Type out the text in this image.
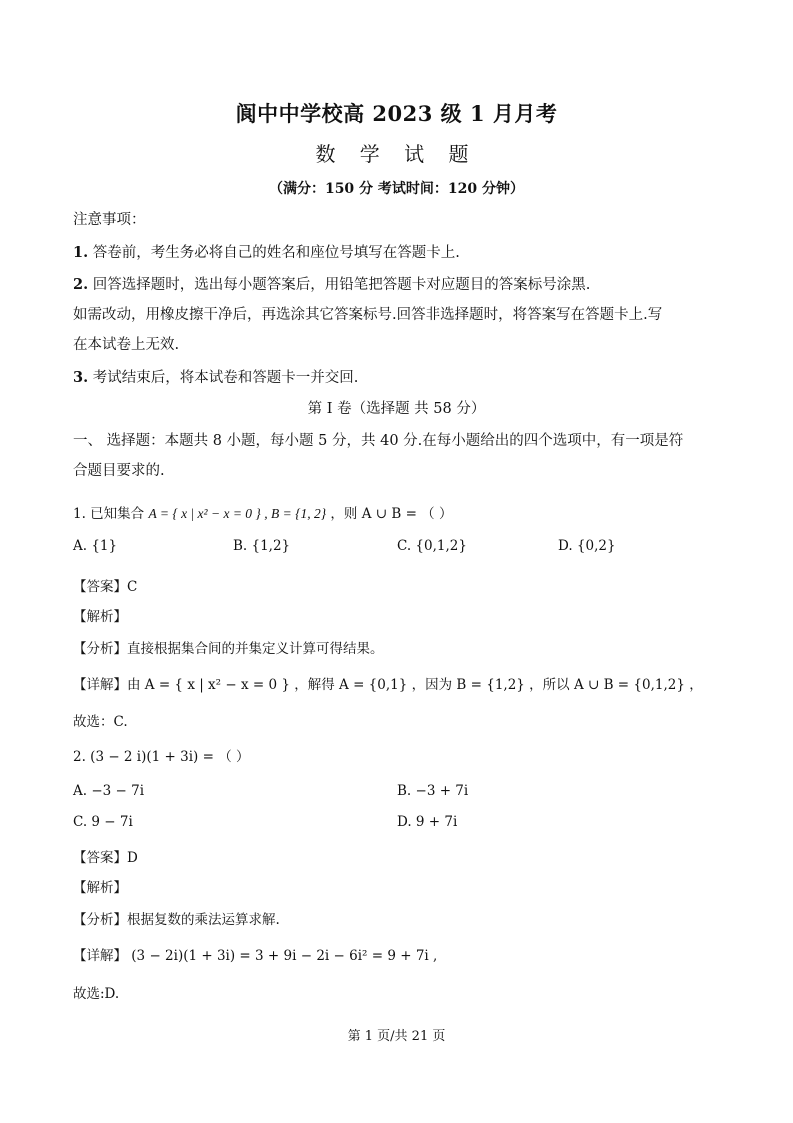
阆中中学校高 2023 级 1 月月考
数 学 试 题
（满分：150 分 考试时间：120 分钟）
注意事项：
1. 答卷前，考生务必将自己的姓名和座位号填写在答题卡上.
2. 回答选择题时，选出每小题答案后，用铅笔把答题卡对应题目的答案标号涂黑.
如需改动，用橡皮擦干净后，再选涂其它答案标号.回答非选择题时，将答案写在答题卡上.写
在本试卷上无效.
3. 考试结束后，将本试卷和答题卡一并交回.
第 I 卷（选择题 共 58 分）
一、 选择题：本题共 8 小题，每小题 5 分，共 40 分.在每小题给出的四个选项中，有一项是符
合题目要求的.
1. 已知集合 A = { x | x² − x = 0 } , B = {1, 2} ，则 A ∪ B = （ ）
A. {1}	B. {1,2}	C. {0,1,2}	D. {0,2}
【答案】C
【解析】
【分析】直接根据集合间的并集定义计算可得结果。
【详解】由 A = { x | x² − x = 0 } ，解得 A = {0,1} ，因为 B = {1,2} ，所以 A ∪ B = {0,1,2} ，
故选：C.
2. (3 − 2 i)(1 + 3i) = （ ）
A. −3 − 7i	B. −3 + 7i
C. 9 − 7i	D. 9 + 7i
【答案】D
【解析】
【分析】根据复数的乘法运算求解.
【详解】 (3 − 2i)(1 + 3i) = 3 + 9i − 2i − 6i² = 9 + 7i ,
故选:D.
第 1 页/共 21 页
